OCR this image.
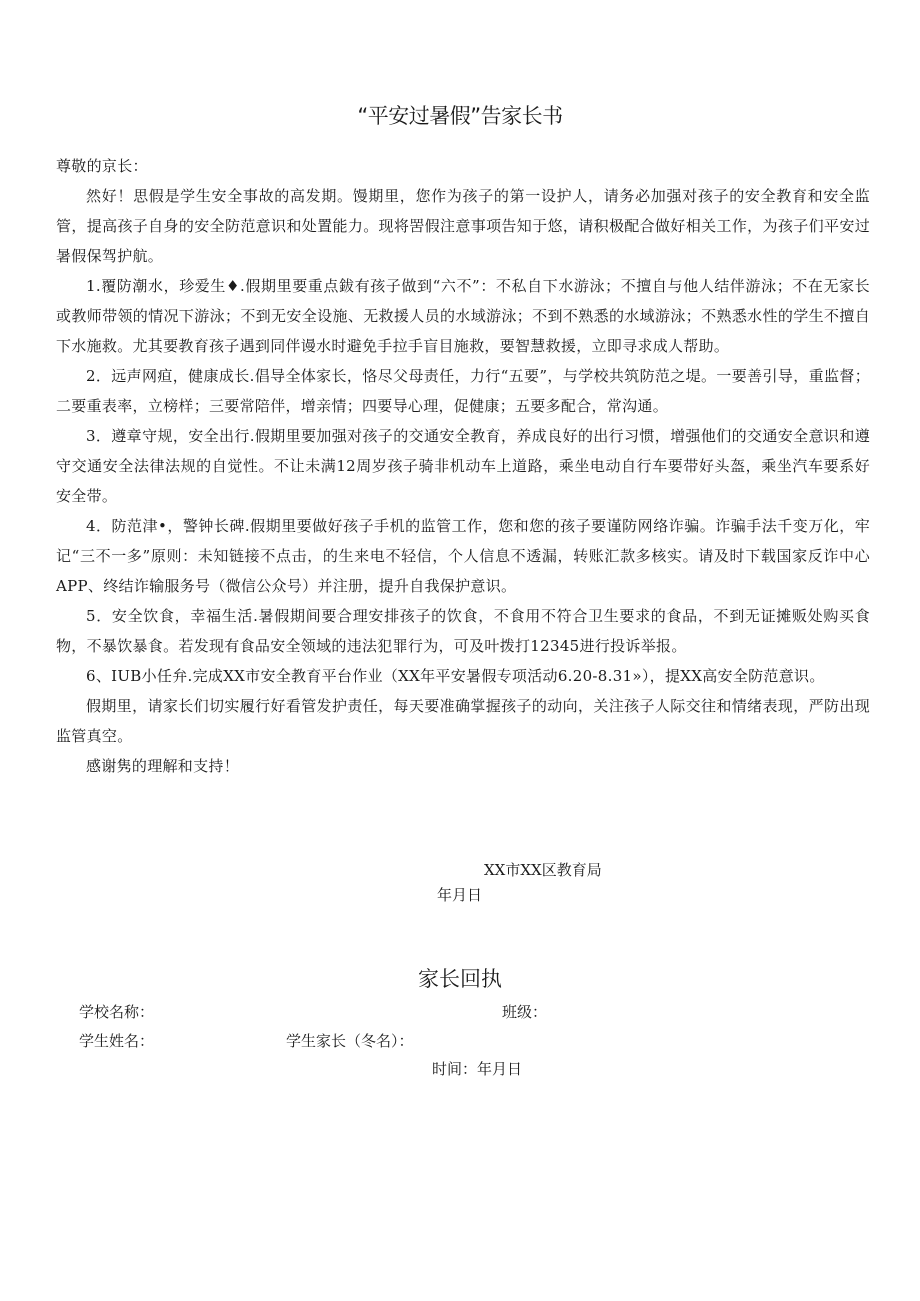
“平安过暑假”告家长书

尊敬的京长：

然好！思假是学生安全事故的高发期。馒期里，您作为孩子的第一设护人，请务必加强对孩子的安全教育和安全监管，提高孩子自身的安全防范意识和处置能力。现将罟假注意事项告知于悠，请积极配合做好相关工作，为孩子们平安过暑假保驾护航。

1.覆防潮水，珍爱生♦.假期里要重点鈸有孩子做到“六不”：不私自下水游泳；不擅自与他人结伴游泳；不在无家长或教师带领的情况下游泳；不到无安全设施、无救援人员的水域游泳；不到不熟悉的水域游泳；不熟悉水性的学生不擅自下水施救。尤其要教育孩子遇到同伴谩水时避免手拉手盲目施救，要智慧救援，立即寻求成人帮助。

2．远声网疸，健康成长.倡导全体家长，恪尽父母责任，力行“五要”，与学校共筑防范之堤。一要善引导，重监督；二要重表率，立榜样；三要常陪伴，增亲情；四要导心理，促健康；五要多配合，常沟通。

3．遵章守规，安全出行.假期里要加强对孩子的交通安全教育，养成良好的出行习惯，增强他们的交通安全意识和遵守交通安全法律法规的自觉性。不让未满12周岁孩子骑非机动车上道路，乘坐电动自行车要带好头盔，乘坐汽车要系好安全带。

4．防范津•，警钟长碑.假期里要做好孩子手机的监管工作，您和您的孩子要谨防网络诈骗。诈骗手法千变万化，牢记“三不一多”原则：未知链接不点击，的生来电不轻信，个人信息不透漏，转账汇款多核实。请及时下载国家反诈中心APP、终结诈输服务号（微信公众号）并注册，提升自我保护意识。

5．安全饮食，幸福生活.暑假期间要合理安排孩子的饮食，不食用不符合卫生要求的食品，不到无证摊贩处购买食物，不暴饮暴食。若发现有食品安全领域的违法犯罪行为，可及叶拨打12345进行投诉举报。

6、IUB小任弁.完成XX市安全教育平台作业（XX年平安暑假专项活动6.20-8.31»），提XX高安全防范意识。

假期里，请家长们切实履行好看管发护责任，每天要准确掌握孩子的动向，关注孩子人际交往和情绪表现，严防出现监管真空。

感谢隽的理解和支持！

XX市XX区教育局
年月日
家长回执
学校名称：	班级：
学生姓名：	学生家长（冬名）：
时间：年月日
